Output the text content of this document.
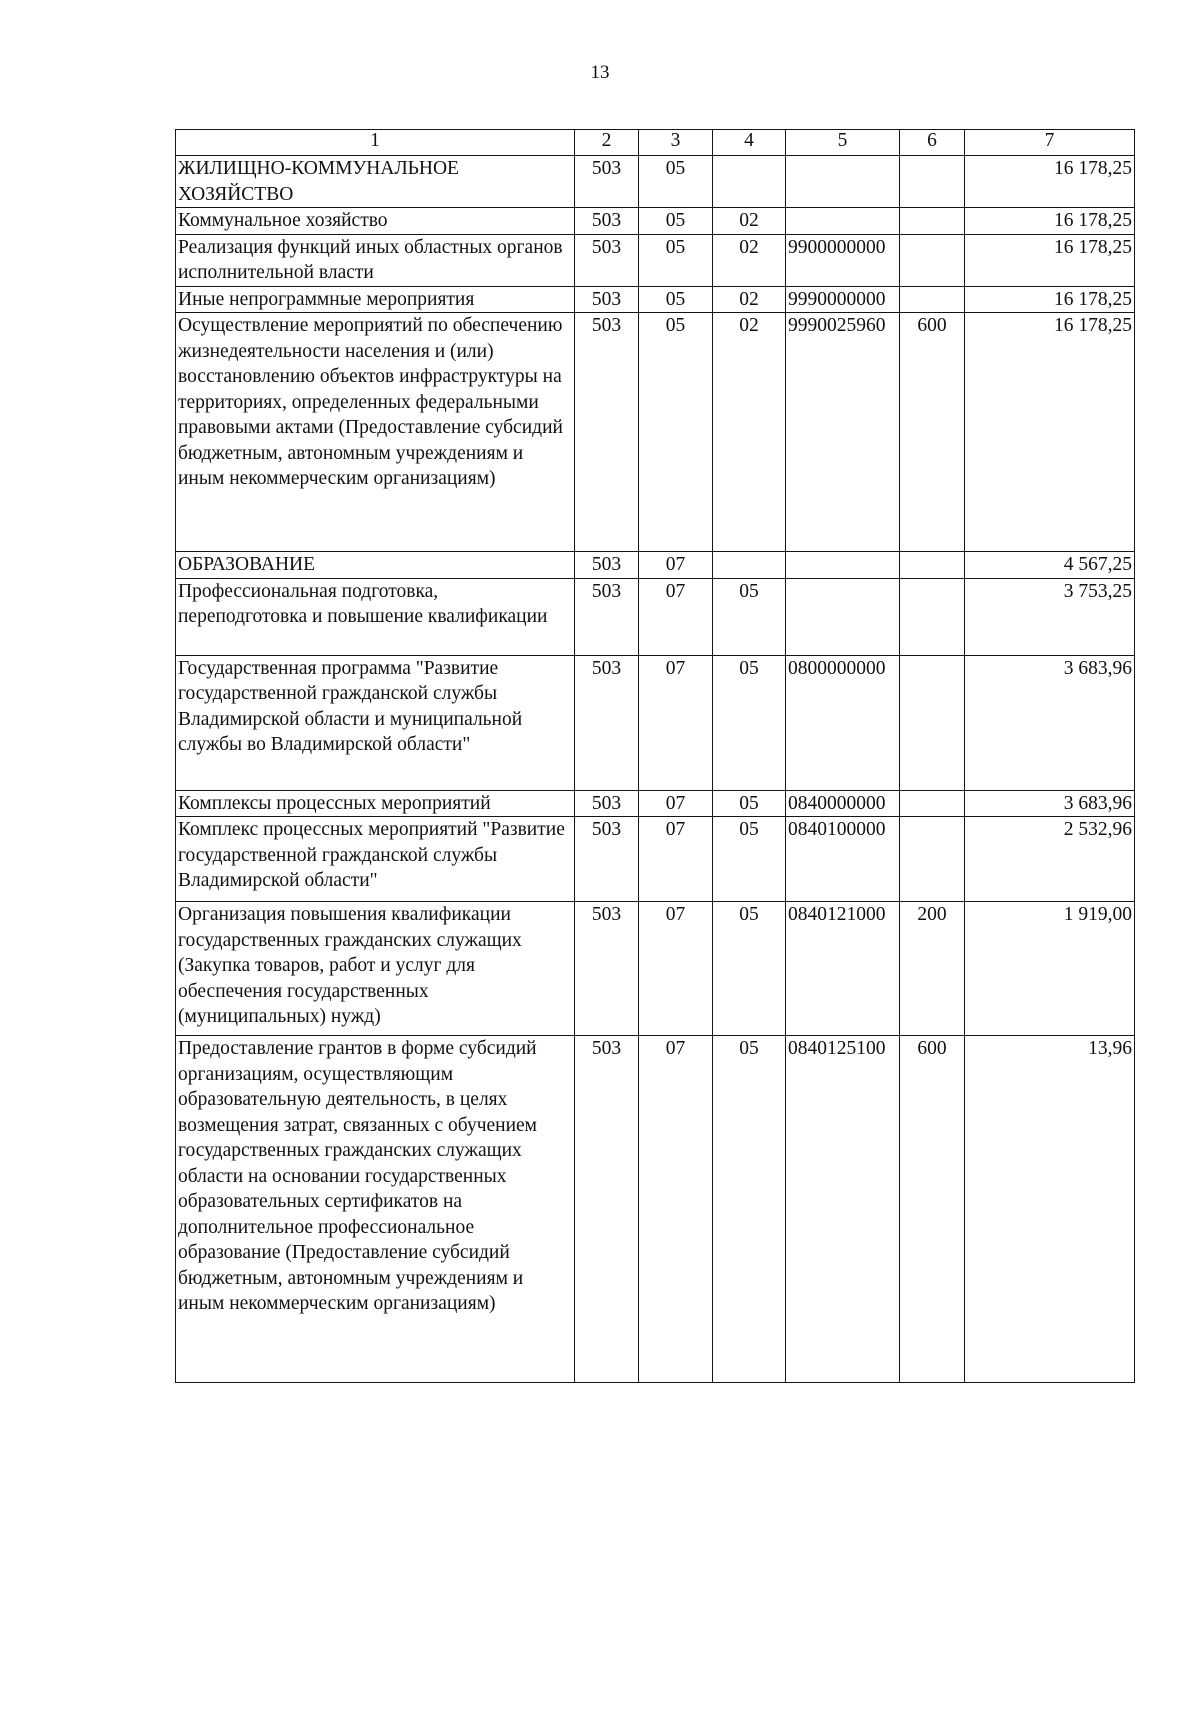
13
1	2	3	4	5	6	7
ЖИЛИЩНО-КОММУНАЛЬНОЕ ХОЗЯЙСТВО	503	05				16 178,25
Коммунальное хозяйство	503	05	02			16 178,25
Реализация функций иных областных органов исполнительной власти	503	05	02	9900000000		16 178,25
Иные непрограммные мероприятия	503	05	02	9990000000		16 178,25
Осуществление мероприятий по обеспечению жизнедеятельности населения и (или) восстановлению объектов инфраструктуры на территориях, определенных федеральными правовыми актами (Предоставление субсидий бюджетным, автономным учреждениям и иным некоммерческим организациям)	503	05	02	9990025960	600	16 178,25
ОБРАЗОВАНИЕ	503	07				4 567,25
Профессиональная подготовка, переподготовка и повышение квалификации	503	07	05			3 753,25
Государственная программа "Развитие государственной гражданской службы Владимирской области и муниципальной службы во Владимирской области"	503	07	05	0800000000		3 683,96
Комплексы процессных мероприятий	503	07	05	0840000000		3 683,96
Комплекс процессных мероприятий "Развитие государственной гражданской службы Владимирской области"	503	07	05	0840100000		2 532,96
Организация повышения квалификации государственных гражданских служащих (Закупка товаров, работ и услуг для обеспечения государственных (муниципальных) нужд)	503	07	05	0840121000	200	1 919,00
Предоставление грантов в форме субсидий организациям, осуществляющим образовательную деятельность, в целях возмещения затрат, связанных с обучением государственных гражданских служащих области на основании государственных образовательных сертификатов на дополнительное профессиональное образование (Предоставление субсидий бюджетным, автономным учреждениям и иным некоммерческим организациям)	503	07	05	0840125100	600	13,96
